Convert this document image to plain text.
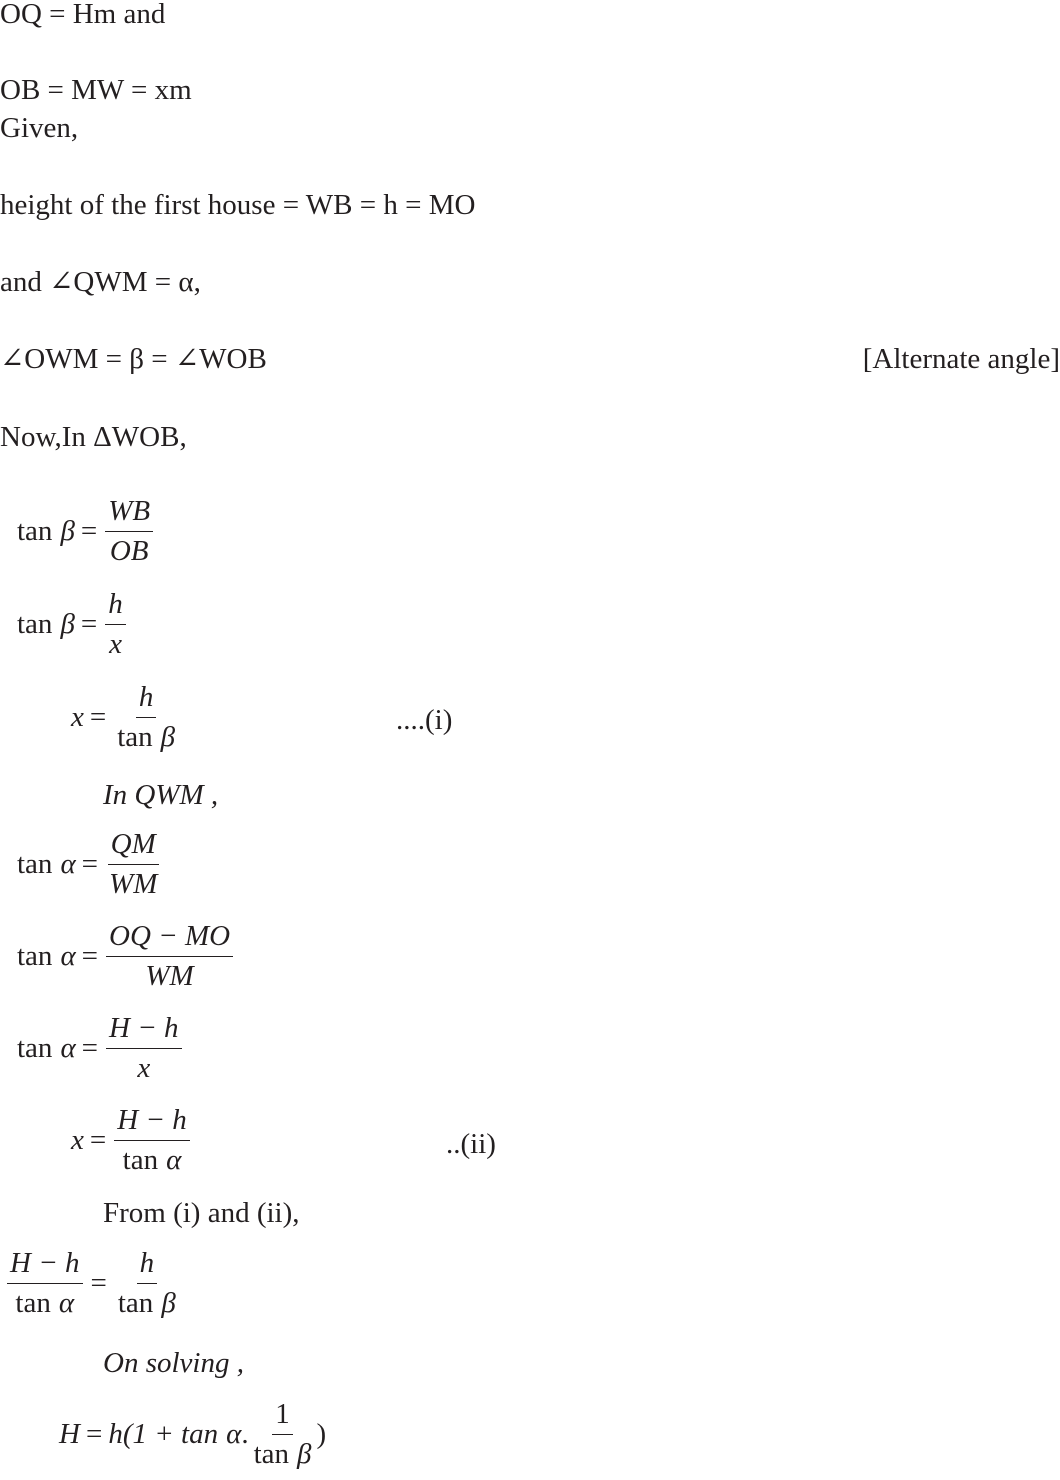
OQ = Hm and
OB = MW = xm
Given,
height of the first house = WB = h = MO
and ∠QWM = α,
∠OWM = β = ∠WOB	[Alternate angle]
Now,In ΔWOB,
$\tan \beta = \frac{WB}{OB}$
$\tan \beta = \frac{h}{x}$
$x = \frac{h}{\text{tan β}}$	....(i)
In QWM ,
$\tan \alpha = \frac{QM}{WM}$
$\tan \alpha = \frac{OQ - MO}{WM}$
$\tan \alpha = \frac{H - h}{x}$
$x = \frac{H - h}{\text{tan α}}$	..(ii)
From (i) and (ii),
$\frac{H - h}{\text{tan α}} = \frac{h}{\text{tan β}}$
On solving ,
H = h(1 + tan α . $\frac{1}{\text{tan β}}$ )
